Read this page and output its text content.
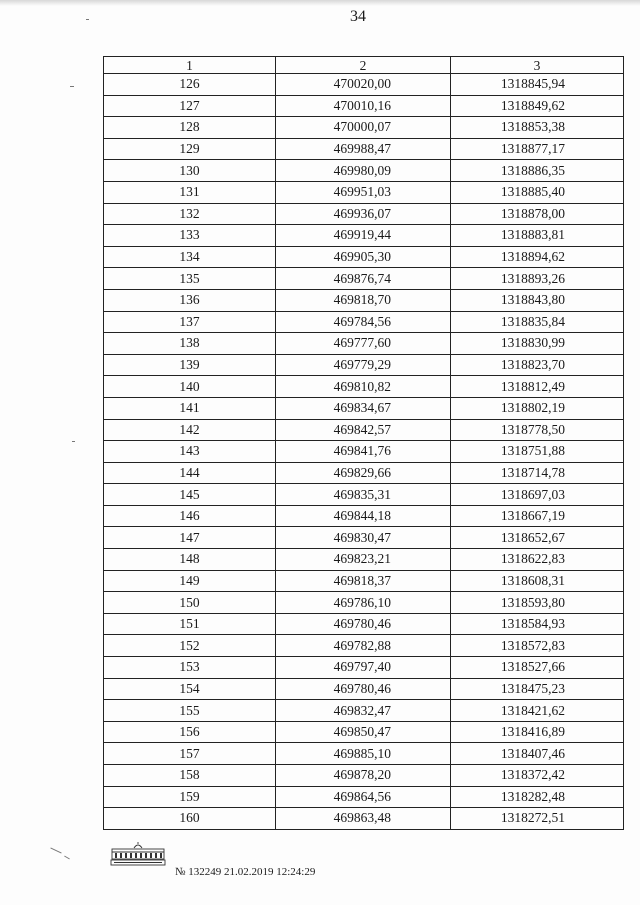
34
1	2	3
126	470020,00	1318845,94
127	470010,16	1318849,62
128	470000,07	1318853,38
129	469988,47	1318877,17
130	469980,09	1318886,35
131	469951,03	1318885,40
132	469936,07	1318878,00
133	469919,44	1318883,81
134	469905,30	1318894,62
135	469876,74	1318893,26
136	469818,70	1318843,80
137	469784,56	1318835,84
138	469777,60	1318830,99
139	469779,29	1318823,70
140	469810,82	1318812,49
141	469834,67	1318802,19
142	469842,57	1318778,50
143	469841,76	1318751,88
144	469829,66	1318714,78
145	469835,31	1318697,03
146	469844,18	1318667,19
147	469830,47	1318652,67
148	469823,21	1318622,83
149	469818,37	1318608,31
150	469786,10	1318593,80
151	469780,46	1318584,93
152	469782,88	1318572,83
153	469797,40	1318527,66
154	469780,46	1318475,23
155	469832,47	1318421,62
156	469850,47	1318416,89
157	469885,10	1318407,46
158	469878,20	1318372,42
159	469864,56	1318282,48
160	469863,48	1318272,51
№ 132249 21.02.2019 12:24:29
